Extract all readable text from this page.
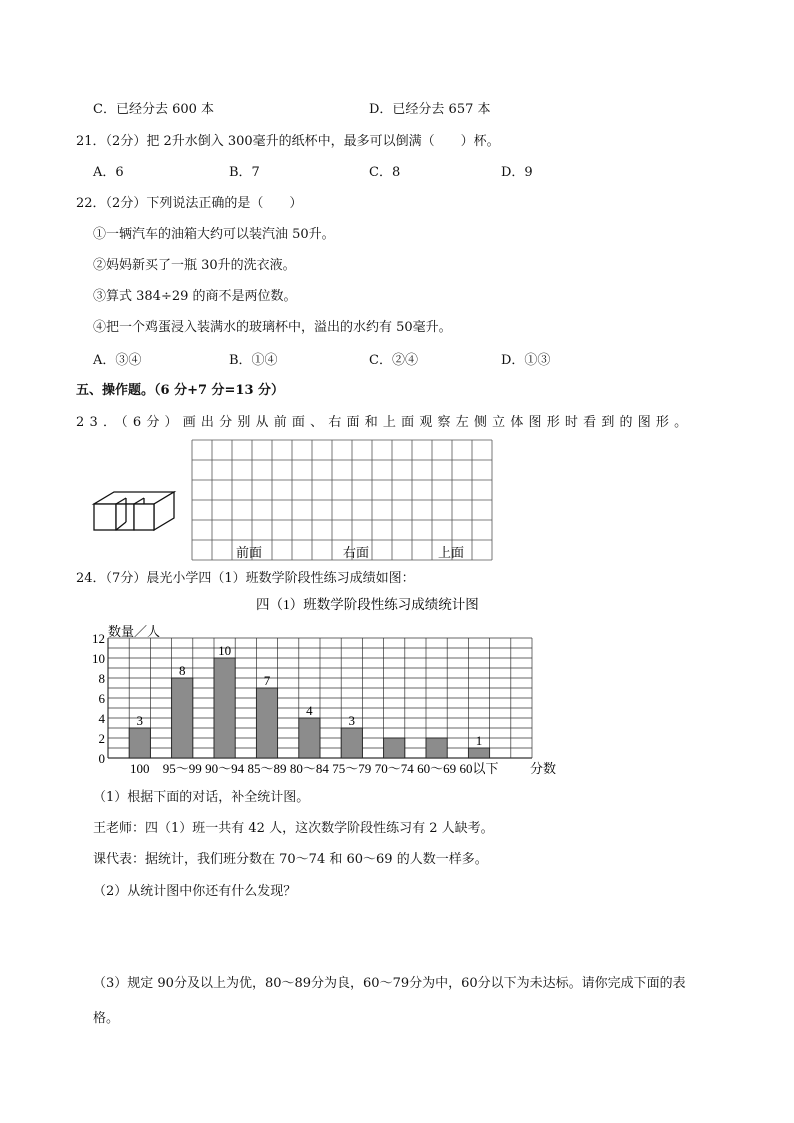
C．已经分去 600 本	D．已经分去 657 本
21．（2分）把 2升水倒入 300毫升的纸杯中，最多可以倒满（　　）杯。
A．6	B．7	C．8	D．9
22．（2分）下列说法正确的是（　　）
①一辆汽车的油箱大约可以装汽油 50升。
②妈妈新买了一瓶 30升的洗衣液。
③算式 384÷29 的商不是两位数。
④把一个鸡蛋浸入装满水的玻璃杯中，溢出的水约有 50毫升。
A．③④	B．①④	C．②④	D．①③
五、操作题。（6 分+7 分=13 分）
23．（6分）画出分别从前面、右面和上面观察左侧立体图形时看到的图形。
前面	右面	上面
24．（7分）晨光小学四（1）班数学阶段性练习成绩如图：
四（1）班数学阶段性练习成绩统计图
0
2
4
6
8
10
12
3
100
8
95～99
10
90～94
7
85～89
4
80～84
3
75～79 70～74 60～69
1
60以下 分数
数量／人
（1）根据下面的对话，补全统计图。
王老师：四（1）班一共有 42 人，这次数学阶段性练习有 2 人缺考。
课代表：据统计，我们班分数在 70～74 和 60～69 的人数一样多。
（2）从统计图中你还有什么发现？
（3）规定 90分及以上为优，80～89分为良，60～79分为中，60分以下为未达标。请你完成下面的表
格。
